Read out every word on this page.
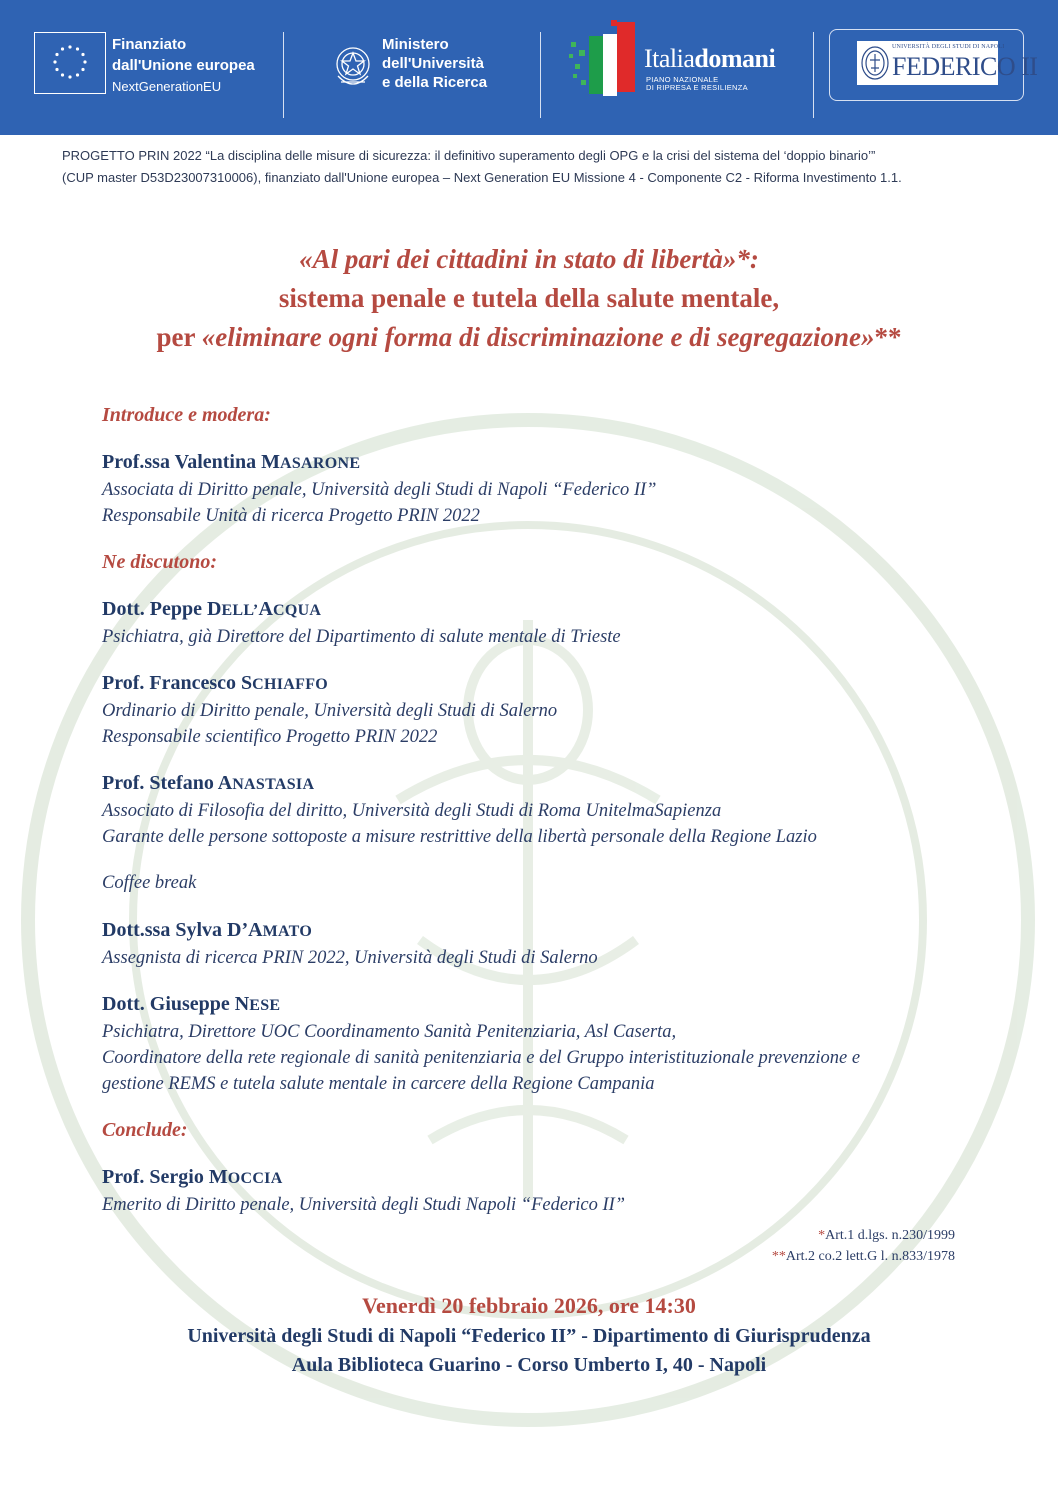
Finanziato
dall'Unione europea
NextGenerationEU
Ministero
dell'Università
e della Ricerca
Italiadomani
PIANO NAZIONALE
DI RIPRESA E RESILIENZA
UNIVERSITÀ DEGLI STUDI DI NAPOLI
FEDERICO II
PROGETTO PRIN 2022 “La disciplina delle misure di sicurezza: il definitivo superamento degli OPG e la crisi del sistema del ‘doppio binario’”
(CUP master D53D23007310006), finanziato dall'Unione europea – Next Generation EU Missione 4 - Componente C2 - Riforma Investimento 1.1.
«Al pari dei cittadini in stato di libertà»*:
sistema penale e tutela della salute mentale,
per «eliminare ogni forma di discriminazione e di segregazione»**
Introduce e modera:
Prof.ssa Valentina MASARONE
Associata di Diritto penale, Università degli Studi di Napoli “Federico II”
Responsabile Unità di ricerca Progetto PRIN 2022
Ne discutono:
Dott. Peppe DELL’ACQUA
Psichiatra, già Direttore del Dipartimento di salute mentale di Trieste
Prof. Francesco SCHIAFFO
Ordinario di Diritto penale, Università degli Studi di Salerno
Responsabile scientifico Progetto PRIN 2022
Prof. Stefano ANASTASIA
Associato di Filosofia del diritto, Università degli Studi di Roma UnitelmaSapienza
Garante delle persone sottoposte a misure restrittive della libertà personale della Regione Lazio
Coffee break
Dott.ssa Sylva D’AMATO
Assegnista di ricerca PRIN 2022, Università degli Studi di Salerno
Dott. Giuseppe NESE
Psichiatra, Direttore UOC Coordinamento Sanità Penitenziaria, Asl Caserta,
Coordinatore della rete regionale di sanità penitenziaria e del Gruppo interistituzionale prevenzione e
gestione REMS e tutela salute mentale in carcere della Regione Campania
Conclude:
Prof. Sergio MOCCIA
Emerito di Diritto penale, Università degli Studi Napoli “Federico II”
*Art.1 d.lgs. n.230/1999
**Art.2 co.2 lett.G l. n.833/1978
Venerdì 20 febbraio 2026, ore 14:30
Università degli Studi di Napoli “Federico II” - Dipartimento di Giurisprudenza
Aula Biblioteca Guarino - Corso Umberto I, 40 - Napoli
